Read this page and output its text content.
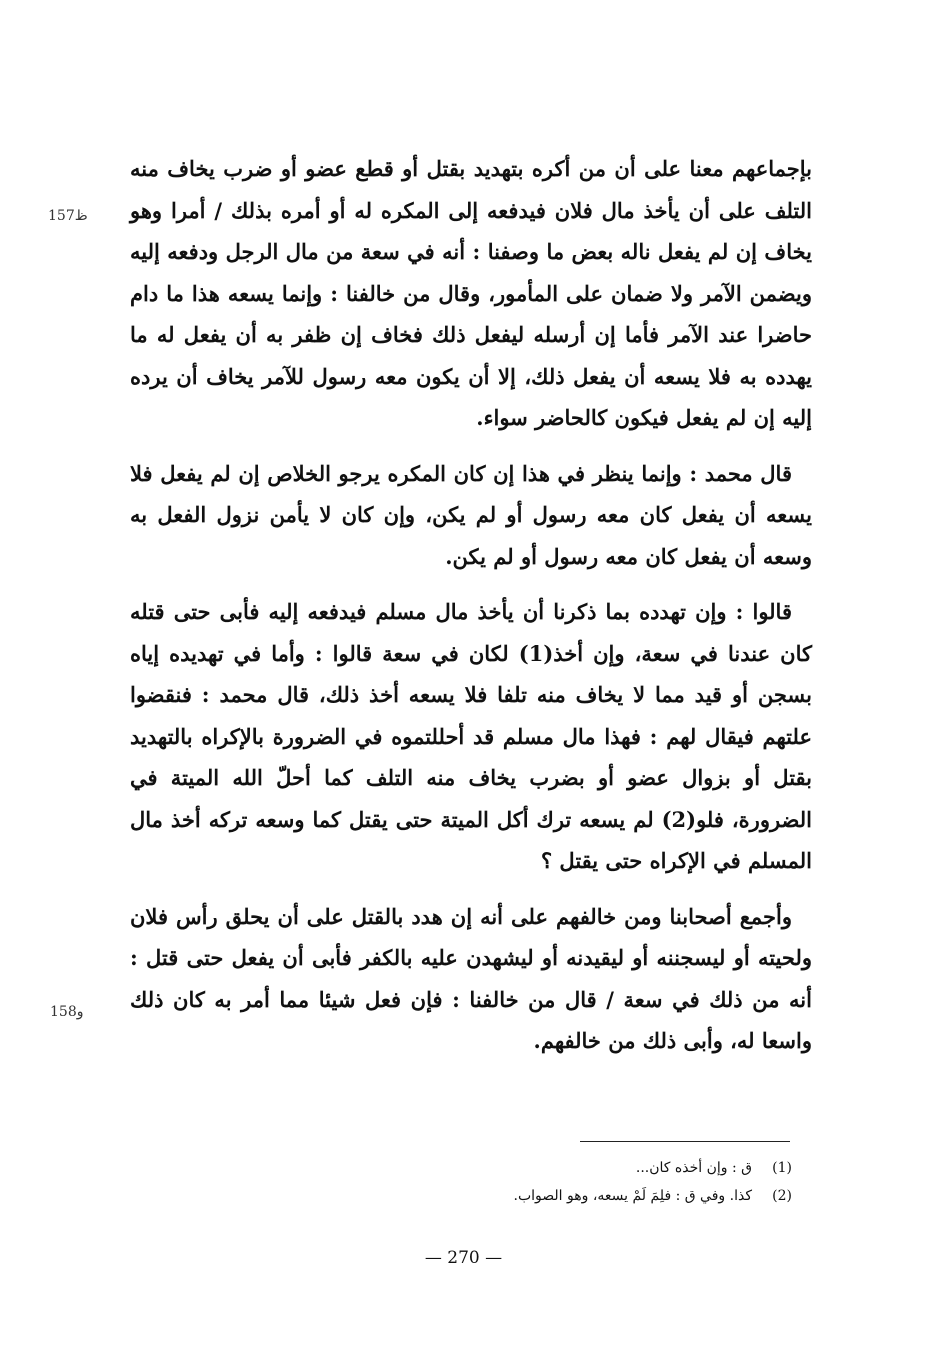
بإجماعهم معنا على أن من أكره بتهديد بقتل أو قطع عضو أو ضرب يخاف منه التلف على أن يأخذ مال فلان فيدفعه إلى المكره له أو أمره بذلك / أمرا وهو يخاف إن لم يفعل ناله بعض ما وصفنا : أنه في سعة من مال الرجل ودفعه إليه ويضمن الآمر ولا ضمان على المأمور، وقال من خالفنا : وإنما يسعه هذا ما دام حاضرا عند الآمر فأما إن أرسله ليفعل ذلك فخاف إن ظفر به أن يفعل له ما يهدده به فلا يسعه أن يفعل ذلك، إلا أن يكون معه رسول للآمر يخاف أن يرده إليه إن لم يفعل فيكون كالحاضر سواء.

قال محمد : وإنما ينظر في هذا إن كان المكره يرجو الخلاص إن لم يفعل فلا يسعه أن يفعل كان معه رسول أو لم يكن، وإن كان لا يأمن نزول الفعل به وسعه أن يفعل كان معه رسول أو لم يكن.

قالوا : وإن تهدده بما ذكرنا أن يأخذ مال مسلم فيدفعه إليه فأبى حتى قتله كان عندنا في سعة، وإن أخذ(1) لكان في سعة قالوا : وأما في تهديده إياه بسجن أو قيد مما لا يخاف منه تلفا فلا يسعه أخذ ذلك، قال محمد : فنقضوا علتهم فيقال لهم : فهذا مال مسلم قد أحللتموه في الضرورة بالإكراه بالتهديد بقتل أو بزوال عضو أو بضرب يخاف منه التلف كما أحلّ الله الميتة في الضرورة، فلو(2) لم يسعه ترك أكل الميتة حتى يقتل كما وسعه تركه أخذ مال المسلم في الإكراه حتى يقتل ؟

وأجمع أصحابنا ومن خالفهم على أنه إن هدد بالقتل على أن يحلق رأس فلان ولحيته أو ليسجننه أو ليقيدنه أو ليشهدن عليه بالكفر فأبى أن يفعل حتى قتل : أنه من ذلك في سعة / قال من خالفنا : فإن فعل شيئا مما أمر به كان ذلك واسعا له، وأبى ذلك من خالفهم.

157ظ
158و
(1)
ق : وإن أخذه كان...
(2)
كذا. وفي ق : فلِمَ لَمْ يسعه، وهو الصواب.
— 270 —
